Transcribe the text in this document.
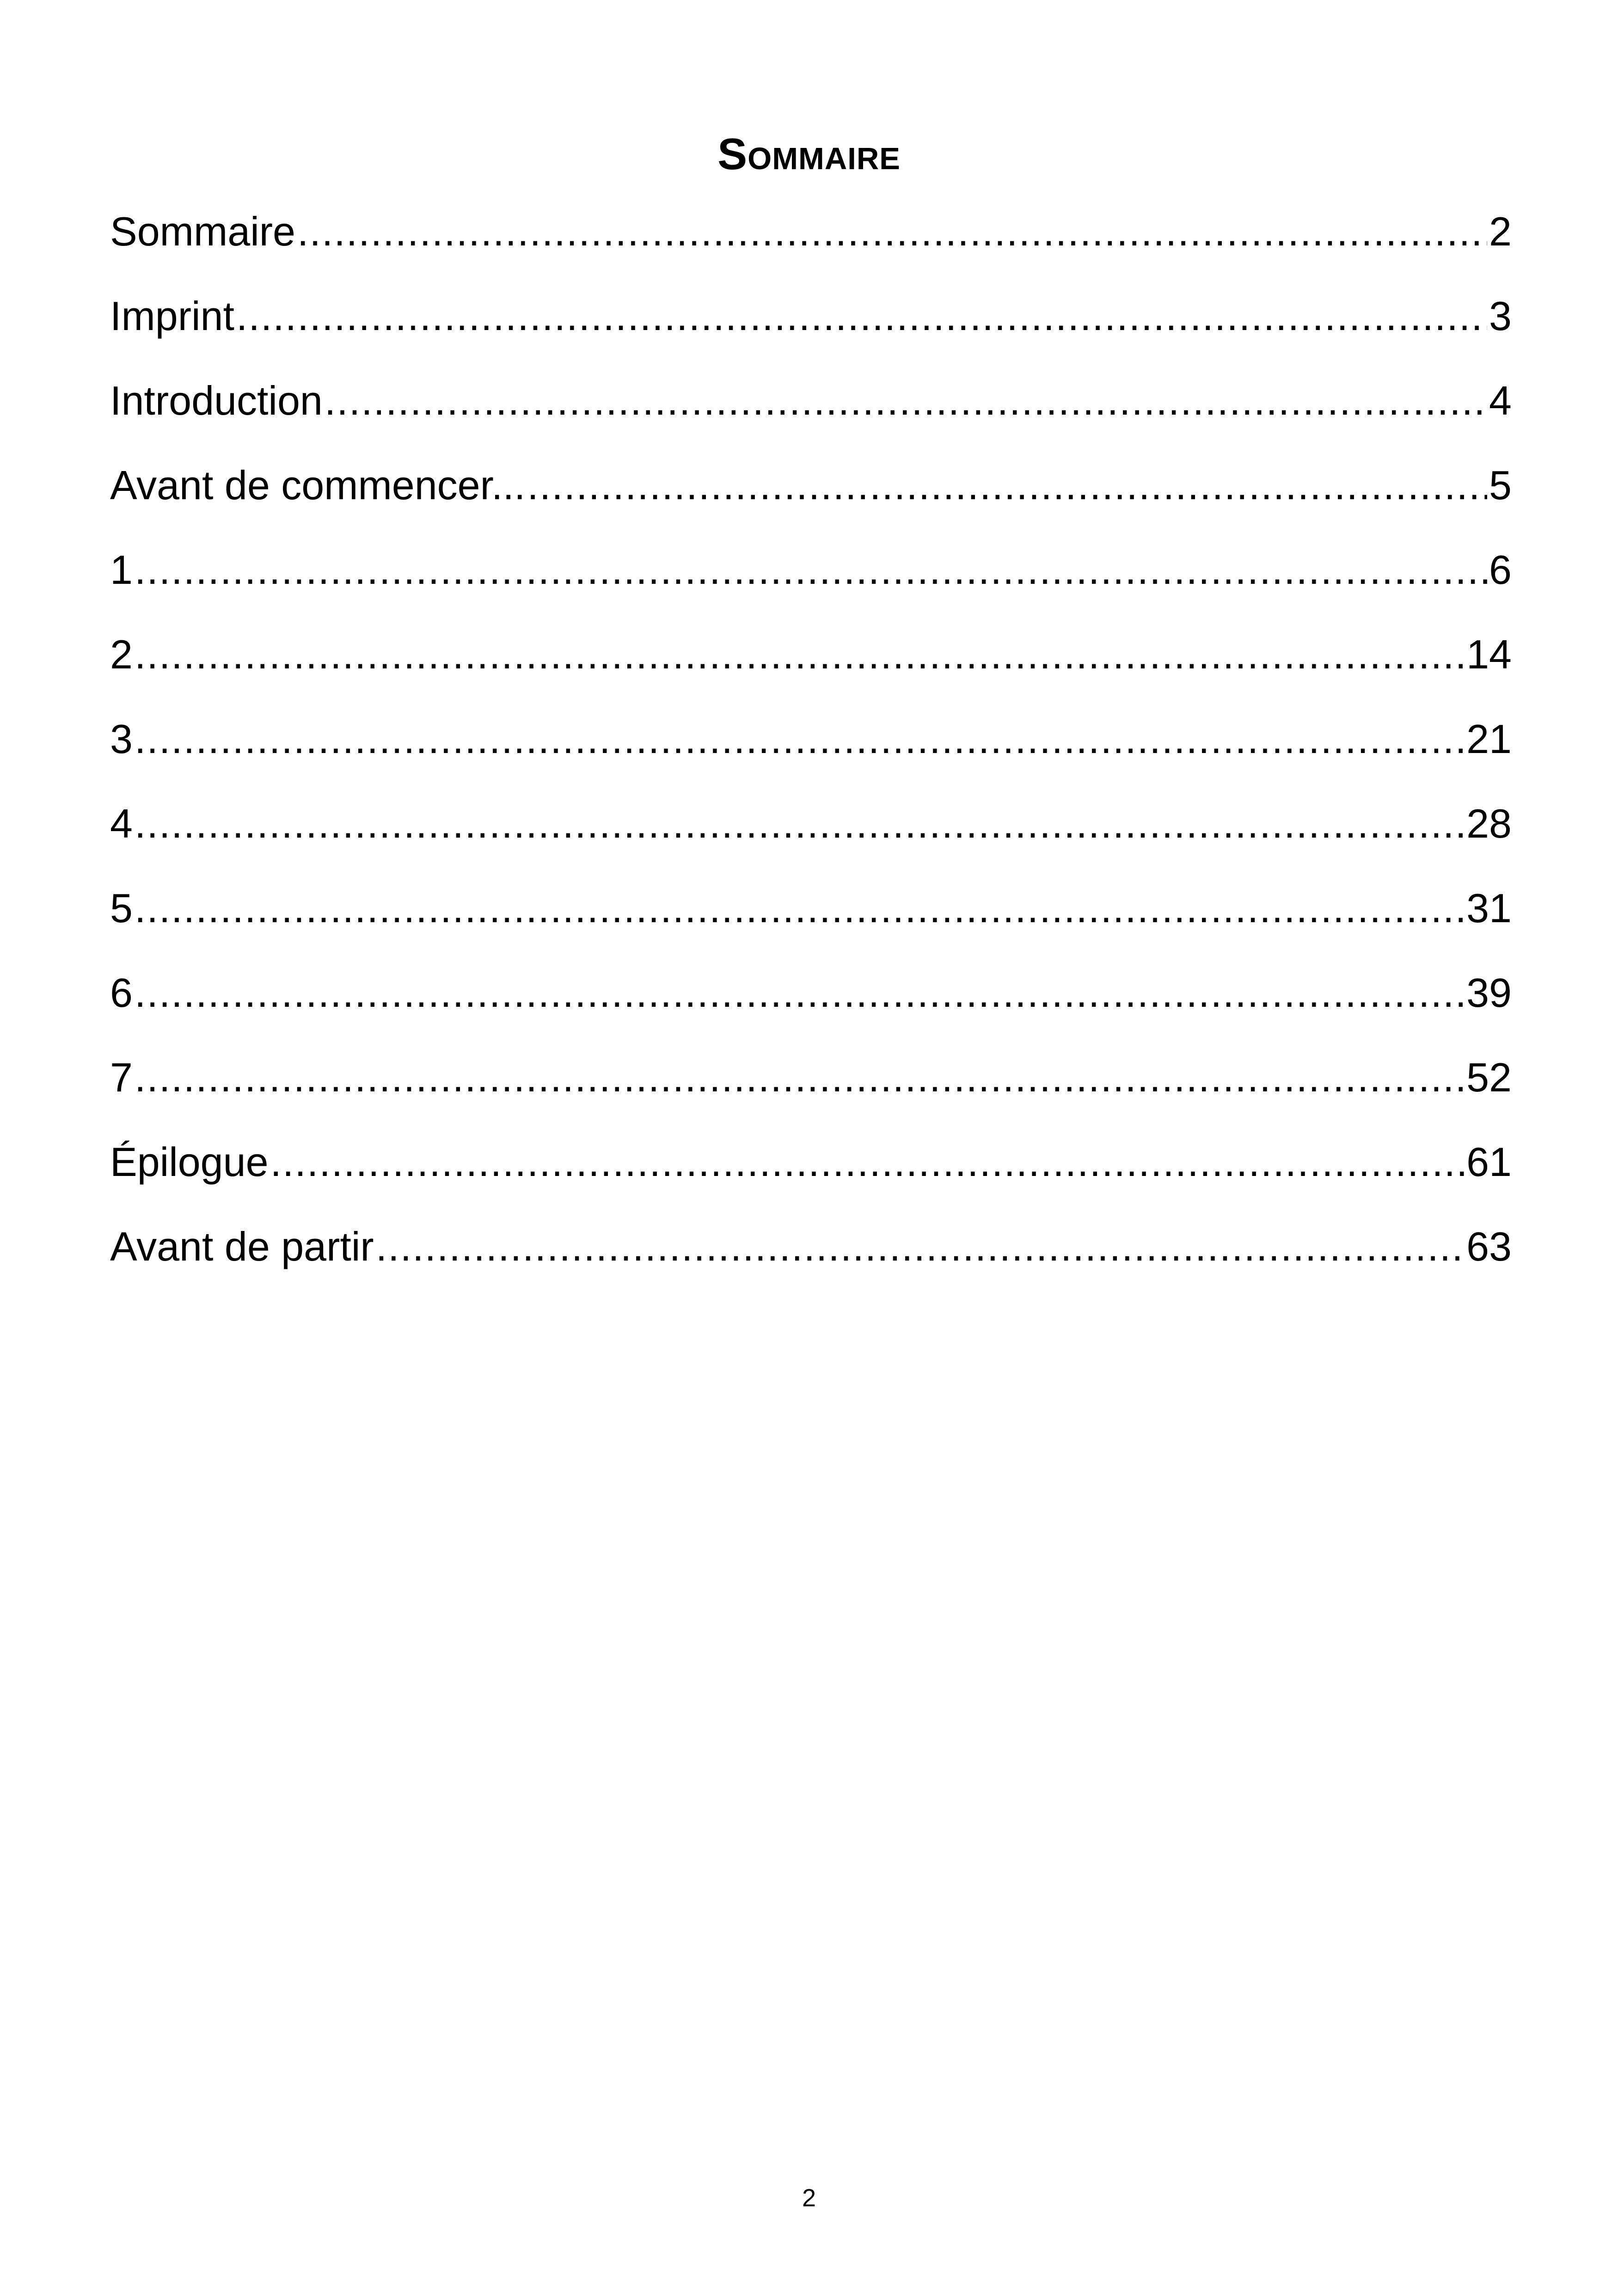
Sommaire
Sommaire .....	2
Imprint .....	3
Introduction .....	4
Avant de commencer... .....	5
1 .....	6
2 .....	14
3 .....	21
4 .....	28
5 .....	31
6 .....	39
7 .....	52
Épilogue .....	61
Avant de partir .....	63
2
